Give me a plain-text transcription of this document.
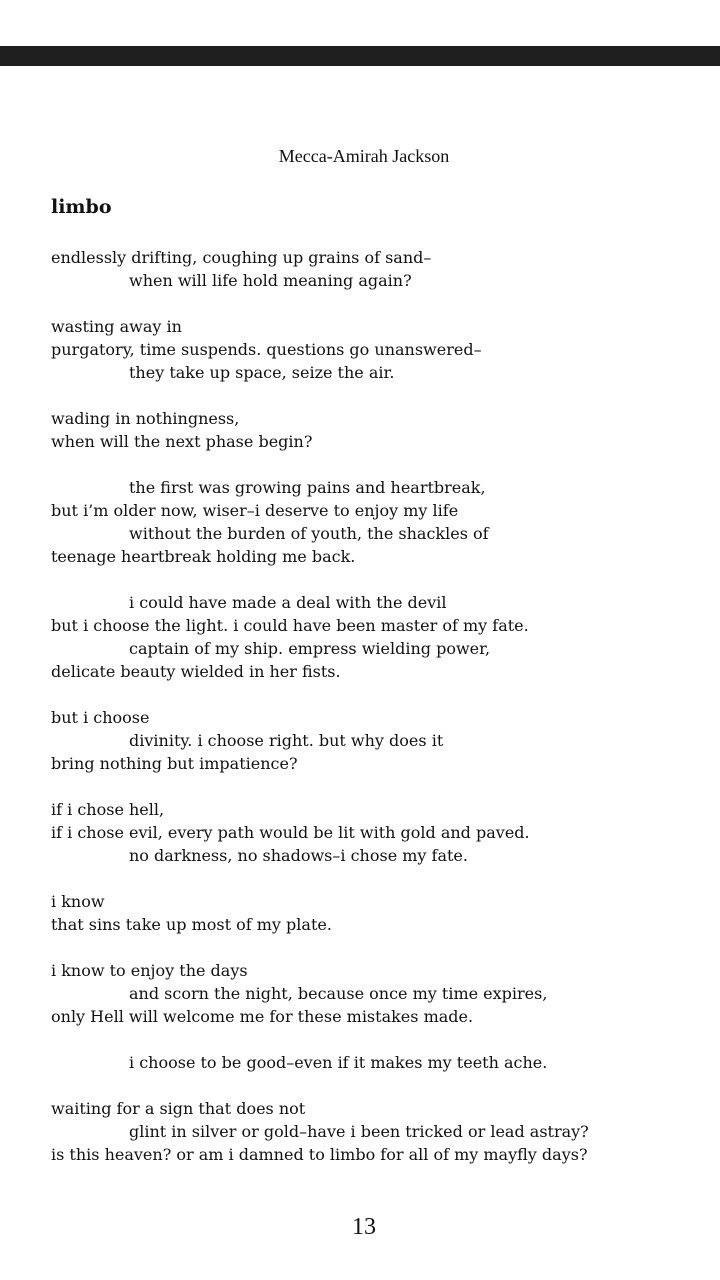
Mecca-Amirah Jackson
limbo
endlessly drifting, coughing up grains of sand–
when will life hold meaning again?
wasting away in
purgatory, time suspends. questions go unanswered–
they take up space, seize the air.
wading in nothingness,
when will the next phase begin?
the first was growing pains and heartbreak,
but i’m older now, wiser–i deserve to enjoy my life
without the burden of youth, the shackles of
teenage heartbreak holding me back.
i could have made a deal with the devil
but i choose the light. i could have been master of my fate.
captain of my ship. empress wielding power,
delicate beauty wielded in her fists.
but i choose
divinity. i choose right. but why does it
bring nothing but impatience?
if i chose hell,
if i chose evil, every path would be lit with gold and paved.
no darkness, no shadows–i chose my fate.
i know
that sins take up most of my plate.
i know to enjoy the days
and scorn the night, because once my time expires,
only Hell will welcome me for these mistakes made.
i choose to be good–even if it makes my teeth ache.
waiting for a sign that does not
glint in silver or gold–have i been tricked or lead astray?
is this heaven? or am i damned to limbo for all of my mayfly days?
13
